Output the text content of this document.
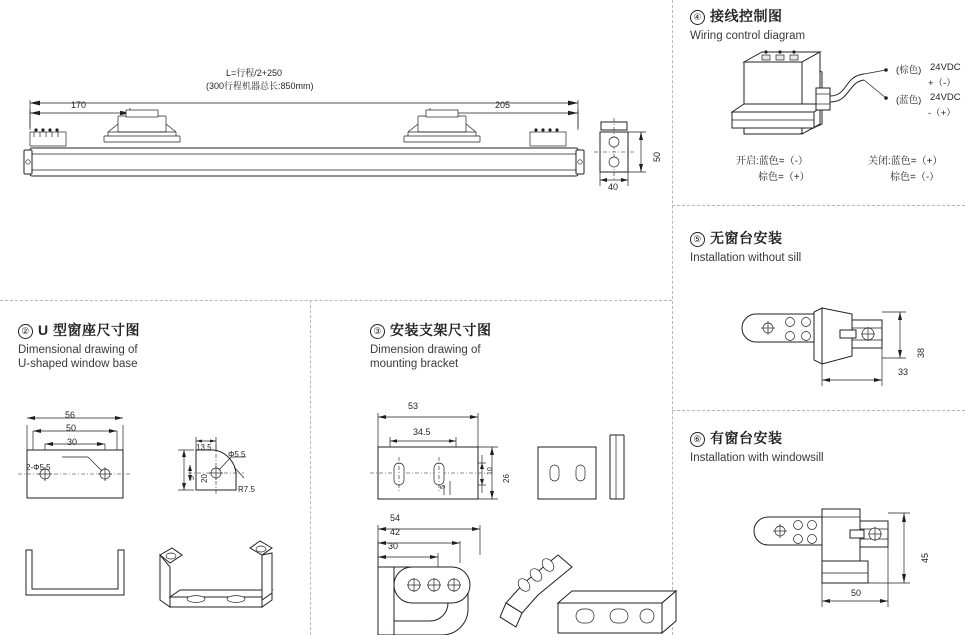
L=行程/2+250
(300行程机器总长:850mm)
170	205
50
40
② U 型窗座尺寸图
Dimensional drawing of
U-shaped window base
56
50
30
2-Φ5.5
13.5
Φ5.5
20
5
R7.5
③ 安装支架尺寸图
Dimension drawing of
mounting bracket
53
34.5
26
10
5
54
42
30
④ 接线控制图
Wiring control diagram
(棕色) 24VDC
+（-）
(蓝色) 24VDC
-（+）
开启:蓝色=（-）
棕色=（+）
关闭:蓝色=（+）
棕色=（-）
⑤ 无窗台安装
Installation without sill
38
33
⑥ 有窗台安装
Installation with windowsill
45
50
